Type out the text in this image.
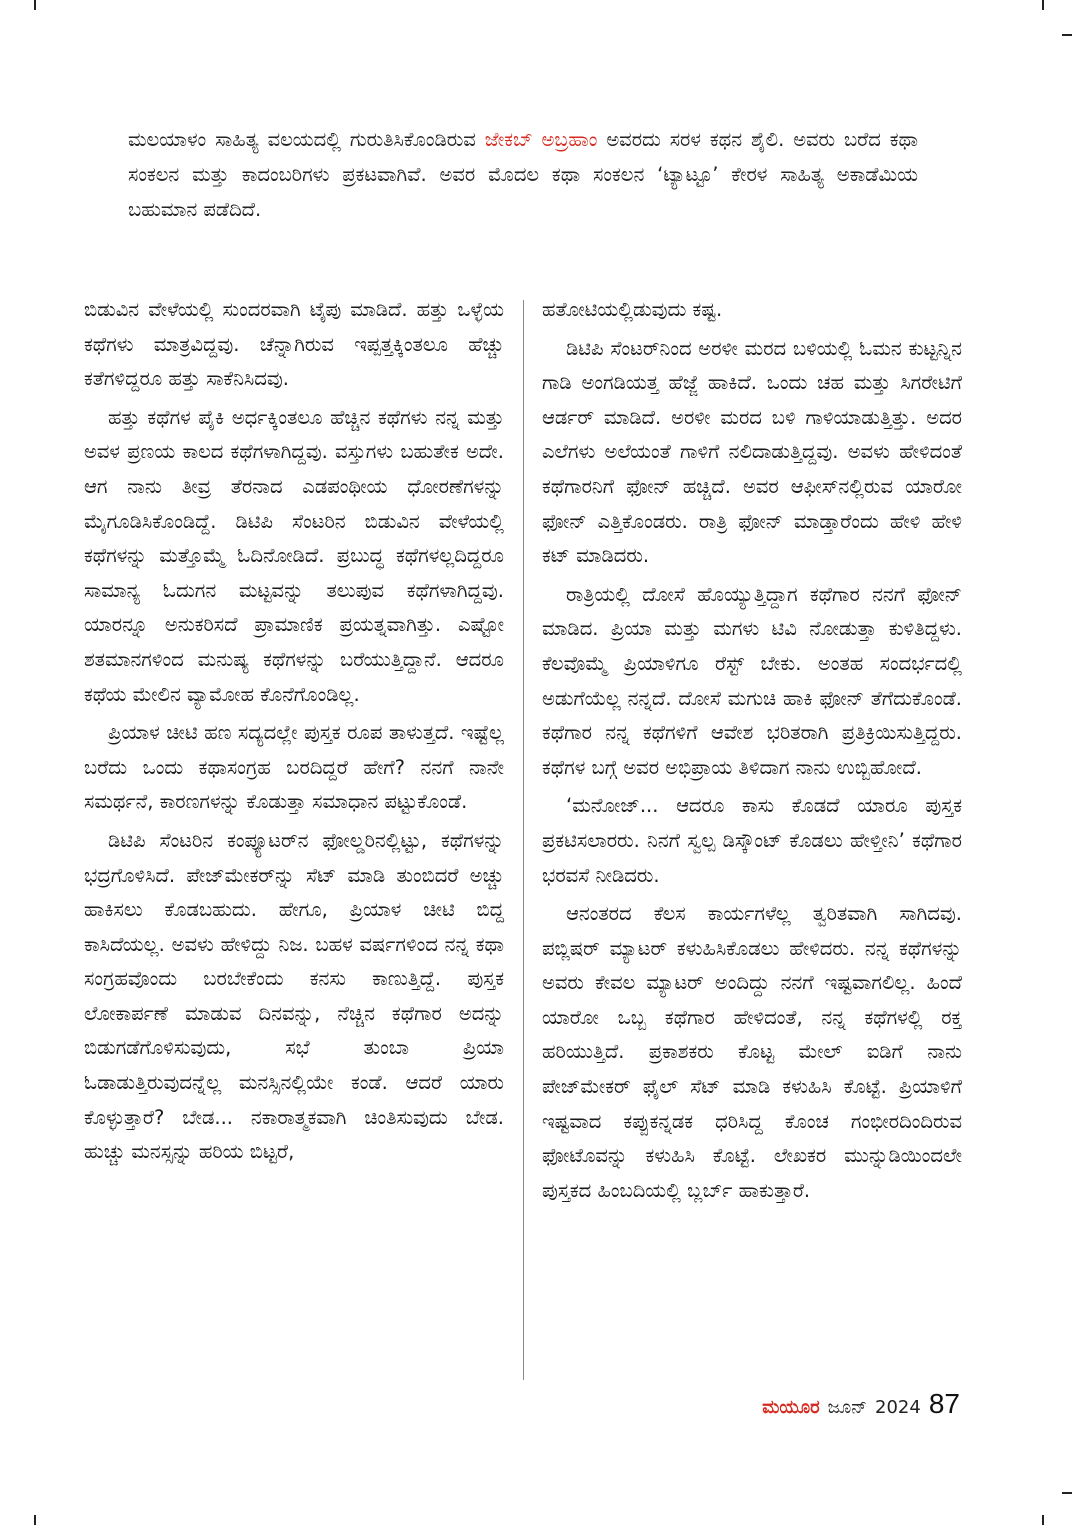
ಮಲಯಾಳಂ ಸಾಹಿತ್ಯ ವಲಯದಲ್ಲಿ ಗುರುತಿಸಿಕೊಂಡಿರುವ ಜೇಕಬ್ ಅಬ್ರಹಾಂ ಅವರದು ಸರಳ ಕಥನ ಶೈಲಿ. ಅವರು ಬರೆದ ಕಥಾ ಸಂಕಲನ ಮತ್ತು ಕಾದಂಬರಿಗಳು ಪ್ರಕಟವಾಗಿವೆ. ಅವರ ಮೊದಲ ಕಥಾ ಸಂಕಲನ ‘ಟ್ಯಾಟ್ಟೂ’ ಕೇರಳ ಸಾಹಿತ್ಯ ಅಕಾಡೆಮಿಯ ಬಹುಮಾನ ಪಡೆದಿದೆ.

ಬಿಡುವಿನ ವೇಳೆಯಲ್ಲಿ ಸುಂದರವಾಗಿ ಟೈಪು ಮಾಡಿದೆ. ಹತ್ತು ಒಳ್ಳೆಯ ಕಥೆಗಳು ಮಾತ್ರವಿದ್ದವು. ಚೆನ್ನಾಗಿರುವ ಇಪ್ಪತ್ತಕ್ಕಿಂತಲೂ ಹೆಚ್ಚು ಕತೆಗಳಿದ್ದರೂ ಹತ್ತು ಸಾಕೆನಿಸಿದವು.

ಹತ್ತು ಕಥೆಗಳ ಪೈಕಿ ಅರ್ಧಕ್ಕಿಂತಲೂ ಹೆಚ್ಚಿನ ಕಥೆಗಳು ನನ್ನ ಮತ್ತು ಅವಳ ಪ್ರಣಯ ಕಾಲದ ಕಥೆಗಳಾಗಿದ್ದವು. ವಸ್ತುಗಳು ಬಹುತೇಕ ಅದೇ. ಆಗ ನಾನು ತೀವ್ರ ತೆರನಾದ ಎಡಪಂಥೀಯ ಧೋರಣೆಗಳನ್ನು ಮೈಗೂಡಿಸಿಕೊಂಡಿದ್ದೆ. ಡಿಟಿಪಿ ಸೆಂಟರಿನ ಬಿಡುವಿನ ವೇಳೆಯಲ್ಲಿ ಕಥೆಗಳನ್ನು ಮತ್ತೊಮ್ಮೆ ಓದಿನೋಡಿದೆ. ಪ್ರಬುದ್ಧ ಕಥೆಗಳಲ್ಲದಿದ್ದರೂ ಸಾಮಾನ್ಯ ಓದುಗನ ಮಟ್ಟವನ್ನು ತಲುಪುವ ಕಥೆಗಳಾಗಿದ್ದವು. ಯಾರನ್ನೂ ಅನುಕರಿಸದೆ ಪ್ರಾಮಾಣಿಕ ಪ್ರಯತ್ನವಾಗಿತ್ತು. ಎಷ್ಟೋ ಶತಮಾನಗಳಿಂದ ಮನುಷ್ಯ ಕಥೆಗಳನ್ನು ಬರೆಯುತ್ತಿದ್ದಾನೆ. ಆದರೂ ಕಥೆಯ ಮೇಲಿನ ವ್ಯಾಮೋಹ ಕೊನೆಗೊಂಡಿಲ್ಲ.

ಪ್ರಿಯಾಳ ಚೀಟಿ ಹಣ ಸದ್ಯದಲ್ಲೇ ಪುಸ್ತಕ ರೂಪ ತಾಳುತ್ತದೆ. ಇಷ್ಟೆಲ್ಲ ಬರೆದು ಒಂದು ಕಥಾಸಂಗ್ರಹ ಬರದಿದ್ದರೆ ಹೇಗೆ? ನನಗೆ ನಾನೇ ಸಮರ್ಥನೆ, ಕಾರಣಗಳನ್ನು ಕೊಡುತ್ತಾ ಸಮಾಧಾನ ಪಟ್ಟುಕೊಂಡೆ.

ಡಿಟಿಪಿ ಸೆಂಟರಿನ ಕಂಪ್ಯೂಟರ್‌ನ ಫೋಲ್ಡರಿನಲ್ಲಿಟ್ಟು, ಕಥೆಗಳನ್ನು ಭದ್ರಗೊಳಿಸಿದೆ. ಪೇಜ್‌ಮೇಕರ್‌ನ್ನು ಸೆಟ್ ಮಾಡಿ ತುಂಬಿದರೆ ಅಚ್ಚು ಹಾಕಿಸಲು ಕೊಡಬಹುದು. ಹೇಗೂ, ಪ್ರಿಯಾಳ ಚೀಟಿ ಬಿದ್ದ ಕಾಸಿದೆಯಲ್ಲ. ಅವಳು ಹೇಳಿದ್ದು ನಿಜ. ಬಹಳ ವರ್ಷಗಳಿಂದ ನನ್ನ ಕಥಾ ಸಂಗ್ರಹವೊಂದು ಬರಬೇಕೆಂದು ಕನಸು ಕಾಣುತ್ತಿದ್ದೆ. ಪುಸ್ತಕ ಲೋಕಾರ್ಪಣೆ ಮಾಡುವ ದಿನವನ್ನು, ನೆಚ್ಚಿನ ಕಥೆಗಾರ ಅದನ್ನು ಬಿಡುಗಡೆಗೊಳಿಸುವುದು, ಸಭೆ ತುಂಬಾ ಪ್ರಿಯಾ ಓಡಾಡುತ್ತಿರುವುದನ್ನೆಲ್ಲ ಮನಸ್ಸಿನಲ್ಲಿಯೇ ಕಂಡೆ. ಆದರೆ ಯಾರು ಕೊಳ್ಳುತ್ತಾರೆ? ಬೇಡ... ನಕಾರಾತ್ಮಕವಾಗಿ ಚಿಂತಿಸುವುದು ಬೇಡ. ಹುಚ್ಚು ಮನಸ್ಸನ್ನು ಹರಿಯ ಬಿಟ್ಟರೆ,

ಹತೋಟಿಯಲ್ಲಿಡುವುದು ಕಷ್ಟ.

ಡಿಟಿಪಿ ಸೆಂಟರ್‌ನಿಂದ ಅರಳೀ ಮರದ ಬಳಿಯಲ್ಲಿ ಓಮನ ಕುಟ್ಟನ್ನಿನ ಗಾಡಿ ಅಂಗಡಿಯತ್ತ ಹೆಜ್ಜೆ ಹಾಕಿದೆ. ಒಂದು ಚಹ ಮತ್ತು ಸಿಗರೇಟಿಗೆ ಆರ್ಡರ್ ಮಾಡಿದೆ. ಅರಳೀ ಮರದ ಬಳಿ ಗಾಳಿಯಾಡುತ್ತಿತ್ತು. ಅದರ ಎಲೆಗಳು ಅಲೆಯಂತೆ ಗಾಳಿಗೆ ನಲಿದಾಡುತ್ತಿದ್ದವು. ಅವಳು ಹೇಳಿದಂತೆ ಕಥೆಗಾರನಿಗೆ ಫೋನ್ ಹಚ್ಚಿದೆ. ಅವರ ಆಫೀಸ್‌ನಲ್ಲಿರುವ ಯಾರೋ ಫೋನ್ ಎತ್ತಿಕೊಂಡರು. ರಾತ್ರಿ ಫೋನ್ ಮಾಡ್ತಾರೆಂದು ಹೇಳಿ ಹೇಳಿ ಕಟ್ ಮಾಡಿದರು.

ರಾತ್ರಿಯಲ್ಲಿ ದೋಸೆ ಹೊಯ್ಯುತ್ತಿದ್ದಾಗ ಕಥೆಗಾರ ನನಗೆ ಫೋನ್ ಮಾಡಿದ. ಪ್ರಿಯಾ ಮತ್ತು ಮಗಳು ಟಿವಿ ನೋಡುತ್ತಾ ಕುಳಿತಿದ್ದಳು. ಕೆಲವೊಮ್ಮೆ ಪ್ರಿಯಾಳಿಗೂ ರೆಸ್ಟ್ ಬೇಕು. ಅಂತಹ ಸಂದರ್ಭದಲ್ಲಿ ಅಡುಗೆಯೆಲ್ಲ ನನ್ನದೆ. ದೋಸೆ ಮಗುಚಿ ಹಾಕಿ ಫೋನ್ ತೆಗೆದುಕೊಂಡೆ. ಕಥೆಗಾರ ನನ್ನ ಕಥೆಗಳಿಗೆ ಆವೇಶ ಭರಿತರಾಗಿ ಪ್ರತಿಕ್ರಿಯಿಸುತ್ತಿದ್ದರು. ಕಥೆಗಳ ಬಗ್ಗೆ ಅವರ ಅಭಿಪ್ರಾಯ ತಿಳಿದಾಗ ನಾನು ಉಬ್ಬಿಹೋದೆ.

‘ಮನೋಜ್... ಆದರೂ ಕಾಸು ಕೊಡದೆ ಯಾರೂ ಪುಸ್ತಕ ಪ್ರಕಟಿಸಲಾರರು. ನಿನಗೆ ಸ್ವಲ್ಪ ಡಿಸ್ಕೌಂಟ್ ಕೊಡಲು ಹೇಳ್ತೀನಿ’ ಕಥೆಗಾರ ಭರವಸೆ ನೀಡಿದರು.

ಆನಂತರದ ಕೆಲಸ ಕಾರ್ಯಗಳೆಲ್ಲ ತ್ವರಿತವಾಗಿ ಸಾಗಿದವು. ಪಬ್ಲಿಷರ್ ಮ್ಯಾಟರ್ ಕಳುಹಿಸಿಕೊಡಲು ಹೇಳಿದರು. ನನ್ನ ಕಥೆಗಳನ್ನು ಅವರು ಕೇವಲ ಮ್ಯಾಟರ್ ಅಂದಿದ್ದು ನನಗೆ ಇಷ್ಟವಾಗಲಿಲ್ಲ. ಹಿಂದೆ ಯಾರೋ ಒಬ್ಬ ಕಥೆಗಾರ ಹೇಳಿದಂತೆ, ನನ್ನ ಕಥೆಗಳಲ್ಲಿ ರಕ್ತ ಹರಿಯುತ್ತಿದೆ. ಪ್ರಕಾಶಕರು ಕೊಟ್ಟ ಮೇಲ್ ಐಡಿಗೆ ನಾನು ಪೇಜ್‌ಮೇಕರ್ ಫೈಲ್ ಸೆಟ್ ಮಾಡಿ ಕಳುಹಿಸಿ ಕೊಟ್ಟೆ. ಪ್ರಿಯಾಳಿಗೆ ಇಷ್ಟವಾದ ಕಪ್ಪುಕನ್ನಡಕ ಧರಿಸಿದ್ದ ಕೊಂಚ ಗಂಭೀರದಿಂದಿರುವ ಫೋಟೊವನ್ನು ಕಳುಹಿಸಿ ಕೊಟ್ಟೆ. ಲೇಖಕರ ಮುನ್ನುಡಿಯಿಂದಲೇ ಪುಸ್ತಕದ ಹಿಂಬದಿಯಲ್ಲಿ ಬ್ಲರ್ಬ್ ಹಾಕುತ್ತಾರೆ.

ಮಯೂರ ಜೂನ್ 2024 87
